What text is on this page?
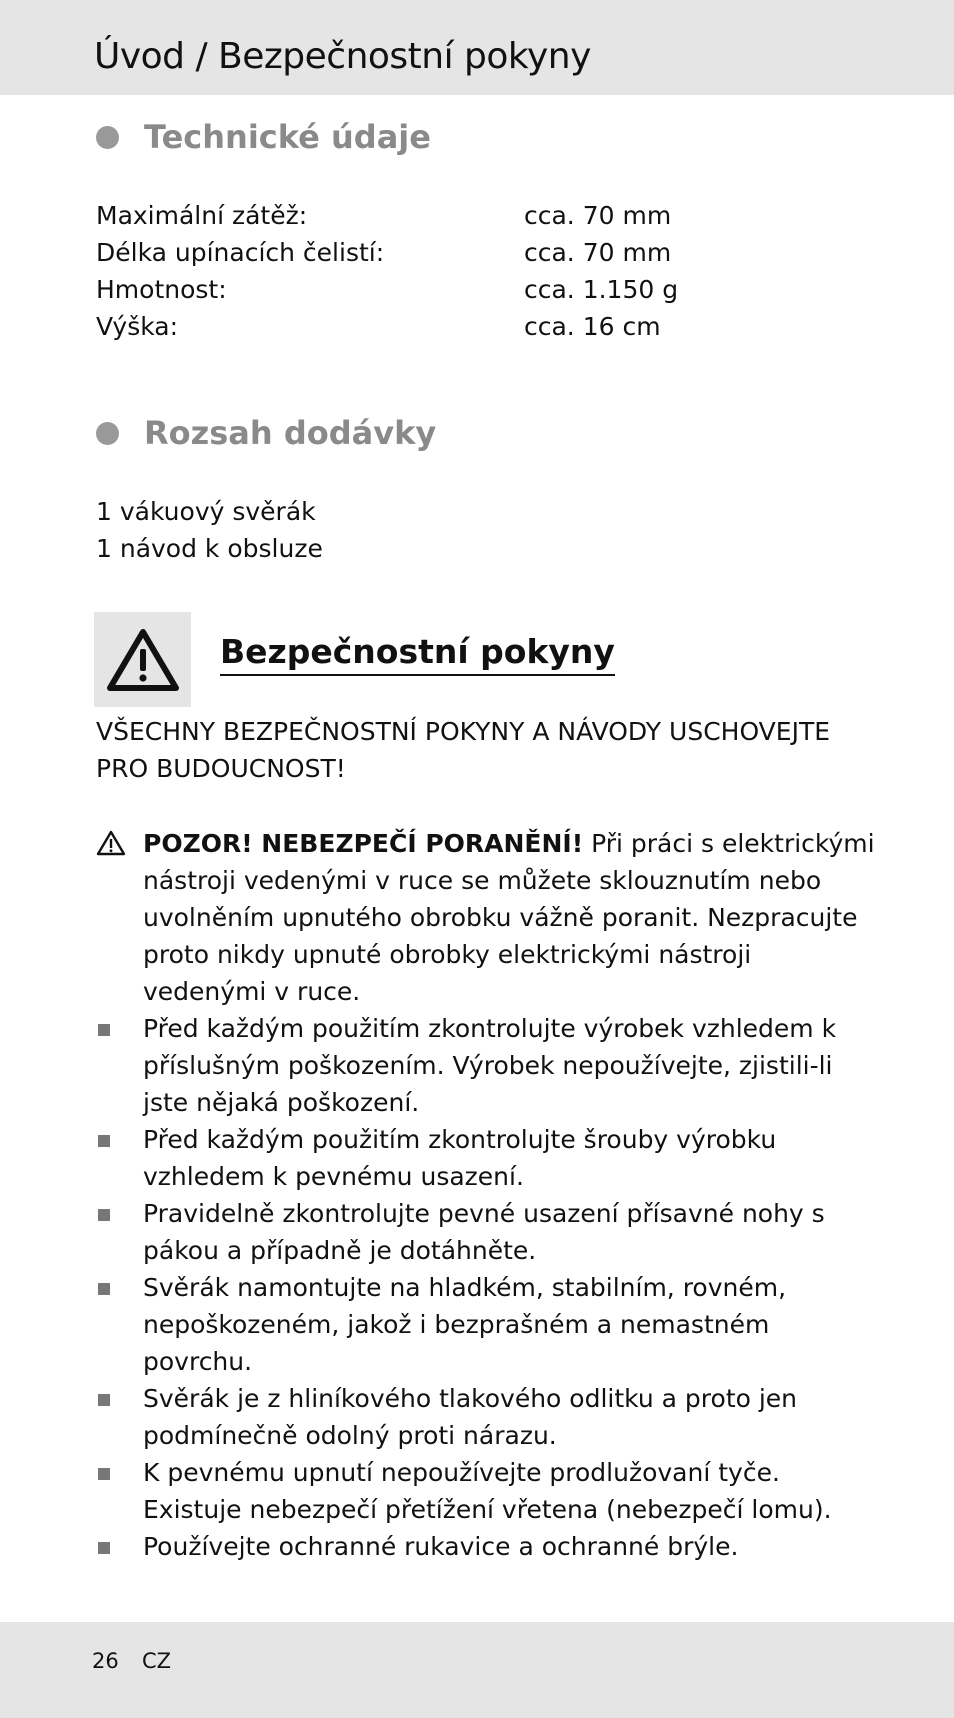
Úvod / Bezpečnostní pokyny
Technické údaje
Maximální zátěž:	cca. 70 mm
Délka upínacích čelistí:	cca. 70 mm
Hmotnost:	cca. 1.150 g
Výška:	cca. 16 cm
Rozsah dodávky
1 vákuový svěrák
1 návod k obsluze
Bezpečnostní pokyny

VŠECHNY BEZPEČNOSTNÍ POKYNY A NÁVODY USCHOVEJTE PRO BUDOUCNOST!

POZOR! NEBEZPEČÍ PORANĚNÍ! Při práci s elektrickými nástroji vedenými v ruce se můžete sklouznutím nebo uvolněním upnutého obrobku vážně poranit. Nezpracujte proto nikdy upnuté obrobky elektrickými nástroji vedenými v ruce.
Před každým použitím zkontrolujte výrobek vzhledem k příslušným poškozením. Výrobek nepoužívejte, zjistili-li jste nějaká poškození.
Před každým použitím zkontrolujte šrouby výrobku vzhledem k pevnému usazení.
Pravidelně zkontrolujte pevné usazení přísavné nohy s pákou a případně je dotáhněte.
Svěrák namontujte na hladkém, stabilním, rovném, nepoškozeném, jakož i bezprašném a nemastném povrchu.
Svěrák je z hliníkového tlakového odlitku a proto jen podmínečně odolný proti nárazu.
K pevnému upnutí nepoužívejte prodlužovaní tyče. Existuje nebezpečí přetížení vřetena (nebezpečí lomu).
Používejte ochranné rukavice a ochranné brýle.
26 CZ
